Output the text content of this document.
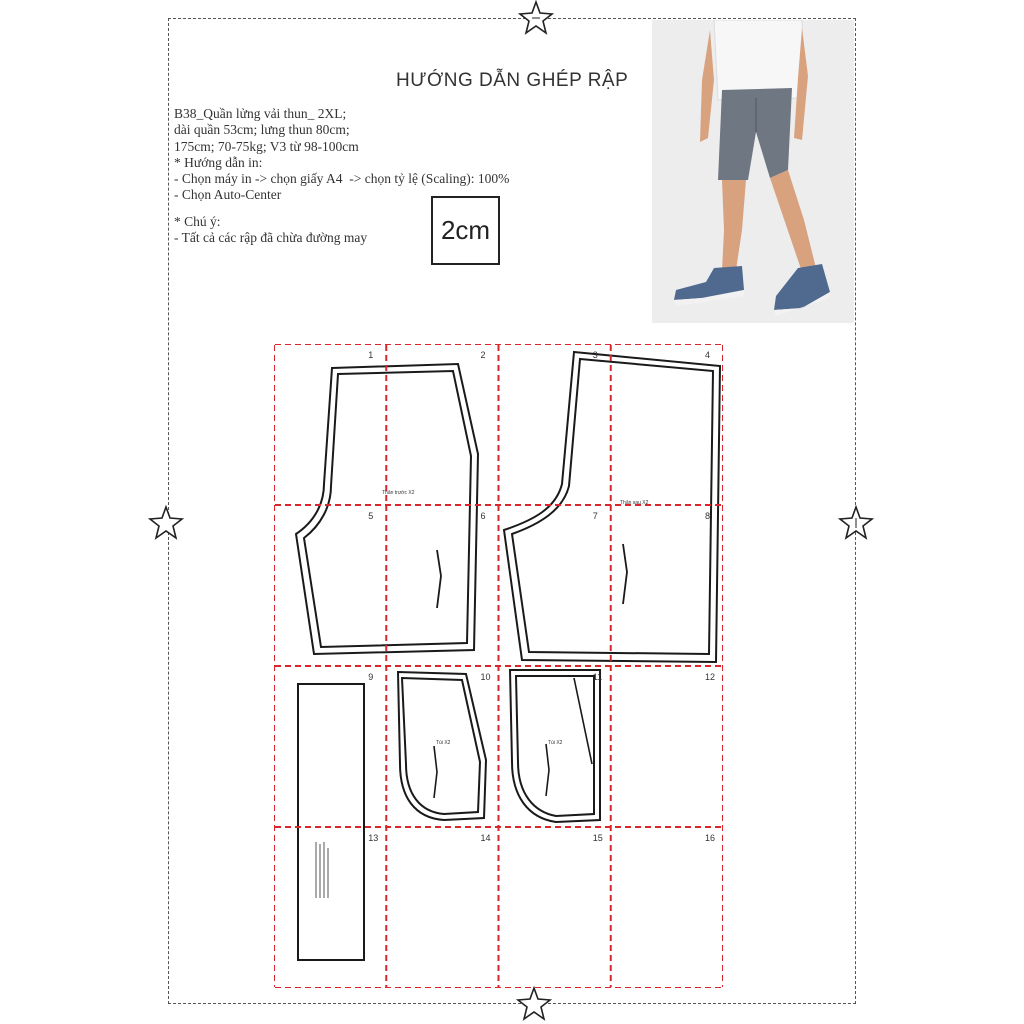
HƯỚNG DẪN GHÉP RẬP
B38_Quần lửng vải thun_ 2XL;
dài quần 53cm; lưng thun 80cm;
175cm; 70-75kg; V3 từ 98-100cm
* Hướng dẫn in:
- Chọn máy in -> chọn giấy A4  -> chọn tỷ lệ (Scaling): 100%
- Chọn Auto-Center
* Chú ý:
- Tất cả các rập đã chừa đường may	2cm
1	2	3	4
5	6	7	8
9	10	11	12
13	14	15	16
Thân trước X2
Thân sau X2
Túi X2	Túi X2
